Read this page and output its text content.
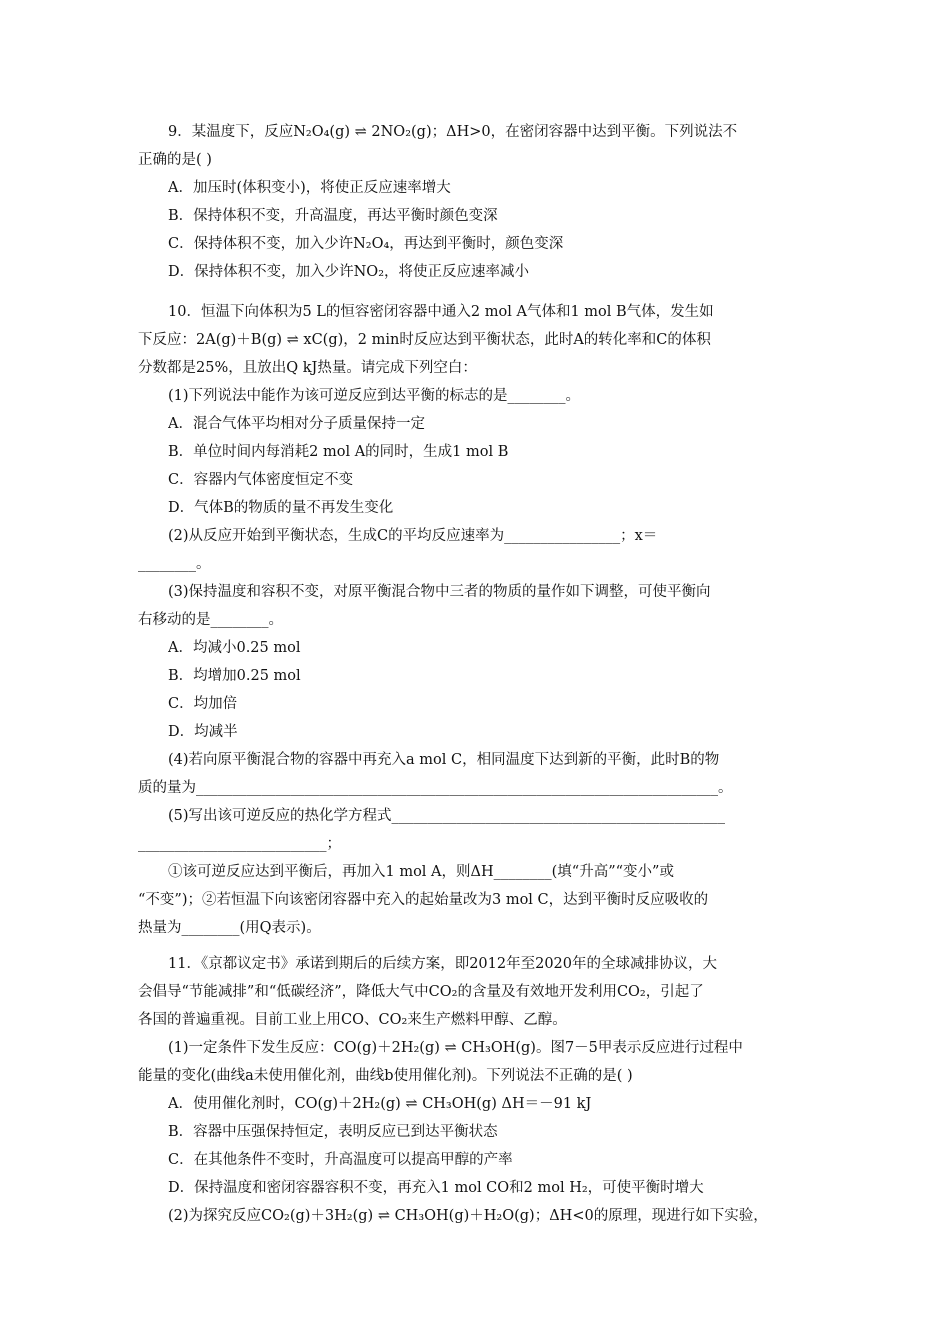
9．某温度下，反应N₂O₄(g) ⇌ 2NO₂(g)；ΔH>0，在密闭容器中达到平衡。下列说法不
正确的是( )
A．加压时(体积变小)，将使正反应速率增大
B．保持体积不变，升高温度，再达平衡时颜色变深
C．保持体积不变，加入少许N₂O₄，再达到平衡时，颜色变深
D．保持体积不变，加入少许NO₂，将使正反应速率减小
10．恒温下向体积为5 L的恒容密闭容器中通入2 mol A气体和1 mol B气体，发生如
下反应：2A(g)＋B(g) ⇌ xC(g)，2 min时反应达到平衡状态，此时A的转化率和C的体积
分数都是25%，且放出Q kJ热量。请完成下列空白：
(1)下列说法中能作为该可逆反应到达平衡的标志的是________。
A．混合气体平均相对分子质量保持一定
B．单位时间内每消耗2 mol A的同时，生成1 mol B
C．容器内气体密度恒定不变
D．气体B的物质的量不再发生变化
(2)从反应开始到平衡状态，生成C的平均反应速率为________________；x＝
________。
(3)保持温度和容积不变，对原平衡混合物中三者的物质的量作如下调整，可使平衡向
右移动的是________。
A．均减小0.25 mol
B．均增加0.25 mol
C．均加倍
D．均减半
(4)若向原平衡混合物的容器中再充入a mol C，相同温度下达到新的平衡，此时B的物
质的量为________________________________________________________________________。
(5)写出该可逆反应的热化学方程式______________________________________________
__________________________；
①该可逆反应达到平衡后，再加入1 mol A，则ΔH________(填“升高”“变小”或
“不变”)；②若恒温下向该密闭容器中充入的起始量改为3 mol C，达到平衡时反应吸收的
热量为________(用Q表示)。
11．《京都议定书》承诺到期后的后续方案，即2012年至2020年的全球减排协议，大
会倡导“节能减排”和“低碳经济”，降低大气中CO₂的含量及有效地开发利用CO₂，引起了
各国的普遍重视。目前工业上用CO、CO₂来生产燃料甲醇、乙醇。
(1)一定条件下发生反应：CO(g)＋2H₂(g) ⇌ CH₃OH(g)。图7－5甲表示反应进行过程中
能量的变化(曲线a未使用催化剂，曲线b使用催化剂)。下列说法不正确的是( )
A．使用催化剂时，CO(g)＋2H₂(g) ⇌ CH₃OH(g) ΔH＝－91 kJ
B．容器中压强保持恒定，表明反应已到达平衡状态
C．在其他条件不变时，升高温度可以提高甲醇的产率
D．保持温度和密闭容器容积不变，再充入1 mol CO和2 mol H₂，可使平衡时增大
(2)为探究反应CO₂(g)＋3H₂(g) ⇌ CH₃OH(g)＋H₂O(g)；ΔH<0的原理，现进行如下实验，
